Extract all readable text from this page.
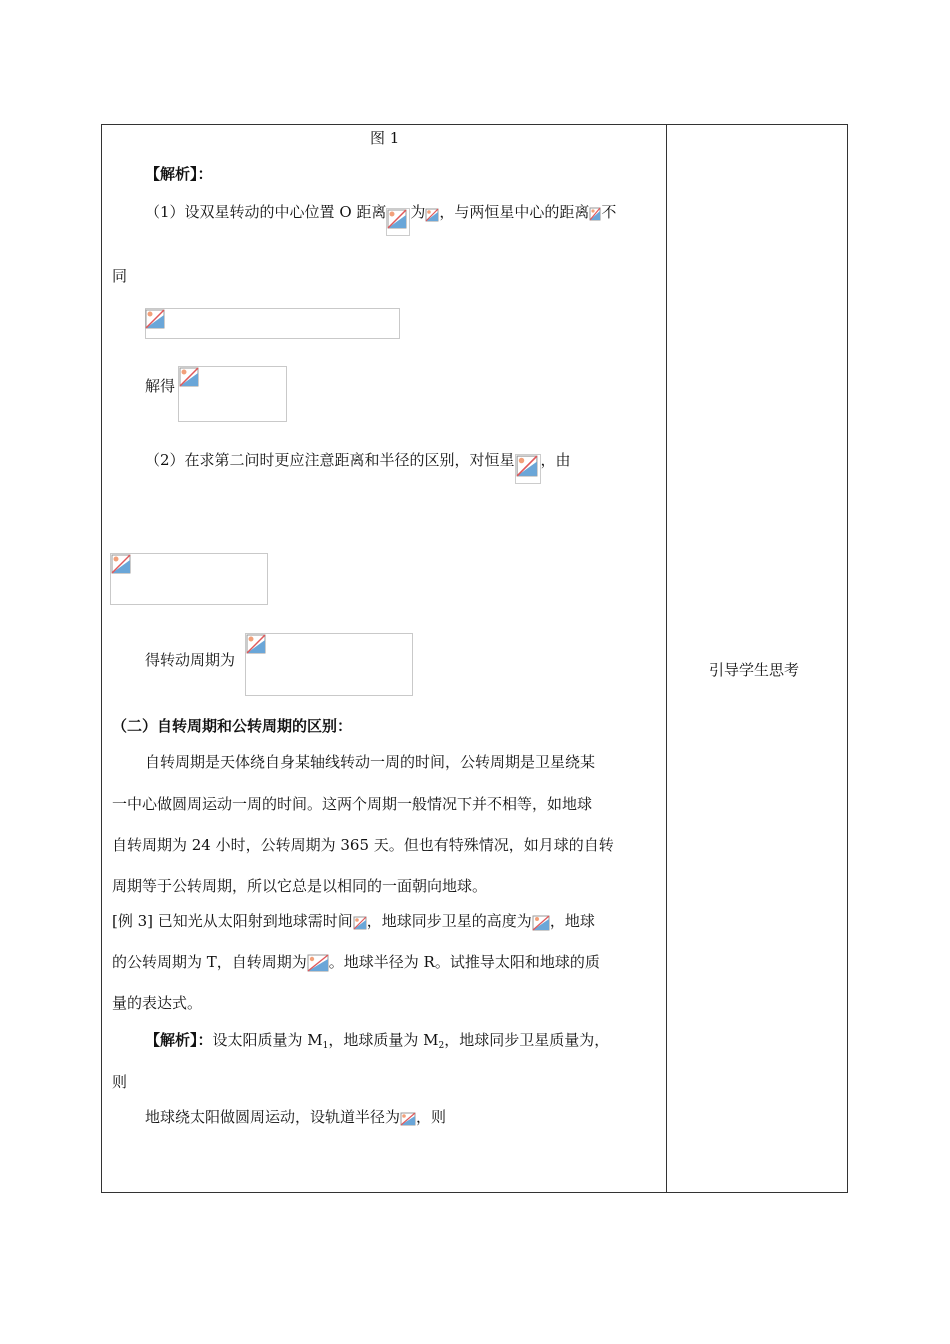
图 1
【解析】：
（1）设双星转动的中心位置 O 距离 为 ，与两恒星中心的距离 不
同
解得
（2）在求第二问时更应注意距离和半径的区别，对恒星 ，由
得转动周期为
（二）自转周期和公转周期的区别：
自转周期是天体绕自身某轴线转动一周的时间，公转周期是卫星绕某
一中心做圆周运动一周的时间。这两个周期一般情况下并不相等，如地球
自转周期为 24 小时，公转周期为 365 天。但也有特殊情况，如月球的自转
周期等于公转周期，所以它总是以相同的一面朝向地球。
[例 3] 已知光从太阳射到地球需时间 ，地球同步卫星的高度为 ，地球
的公转周期为 T，自转周期为 。地球半径为 R。试推导太阳和地球的质
量的表达式。
【解析】：设太阳质量为 $M_1$，地球质量为 $M_2$，地球同步卫星质量为，
则
地球绕太阳做圆周运动，设轨道半径为 ，则
引导学生思考
